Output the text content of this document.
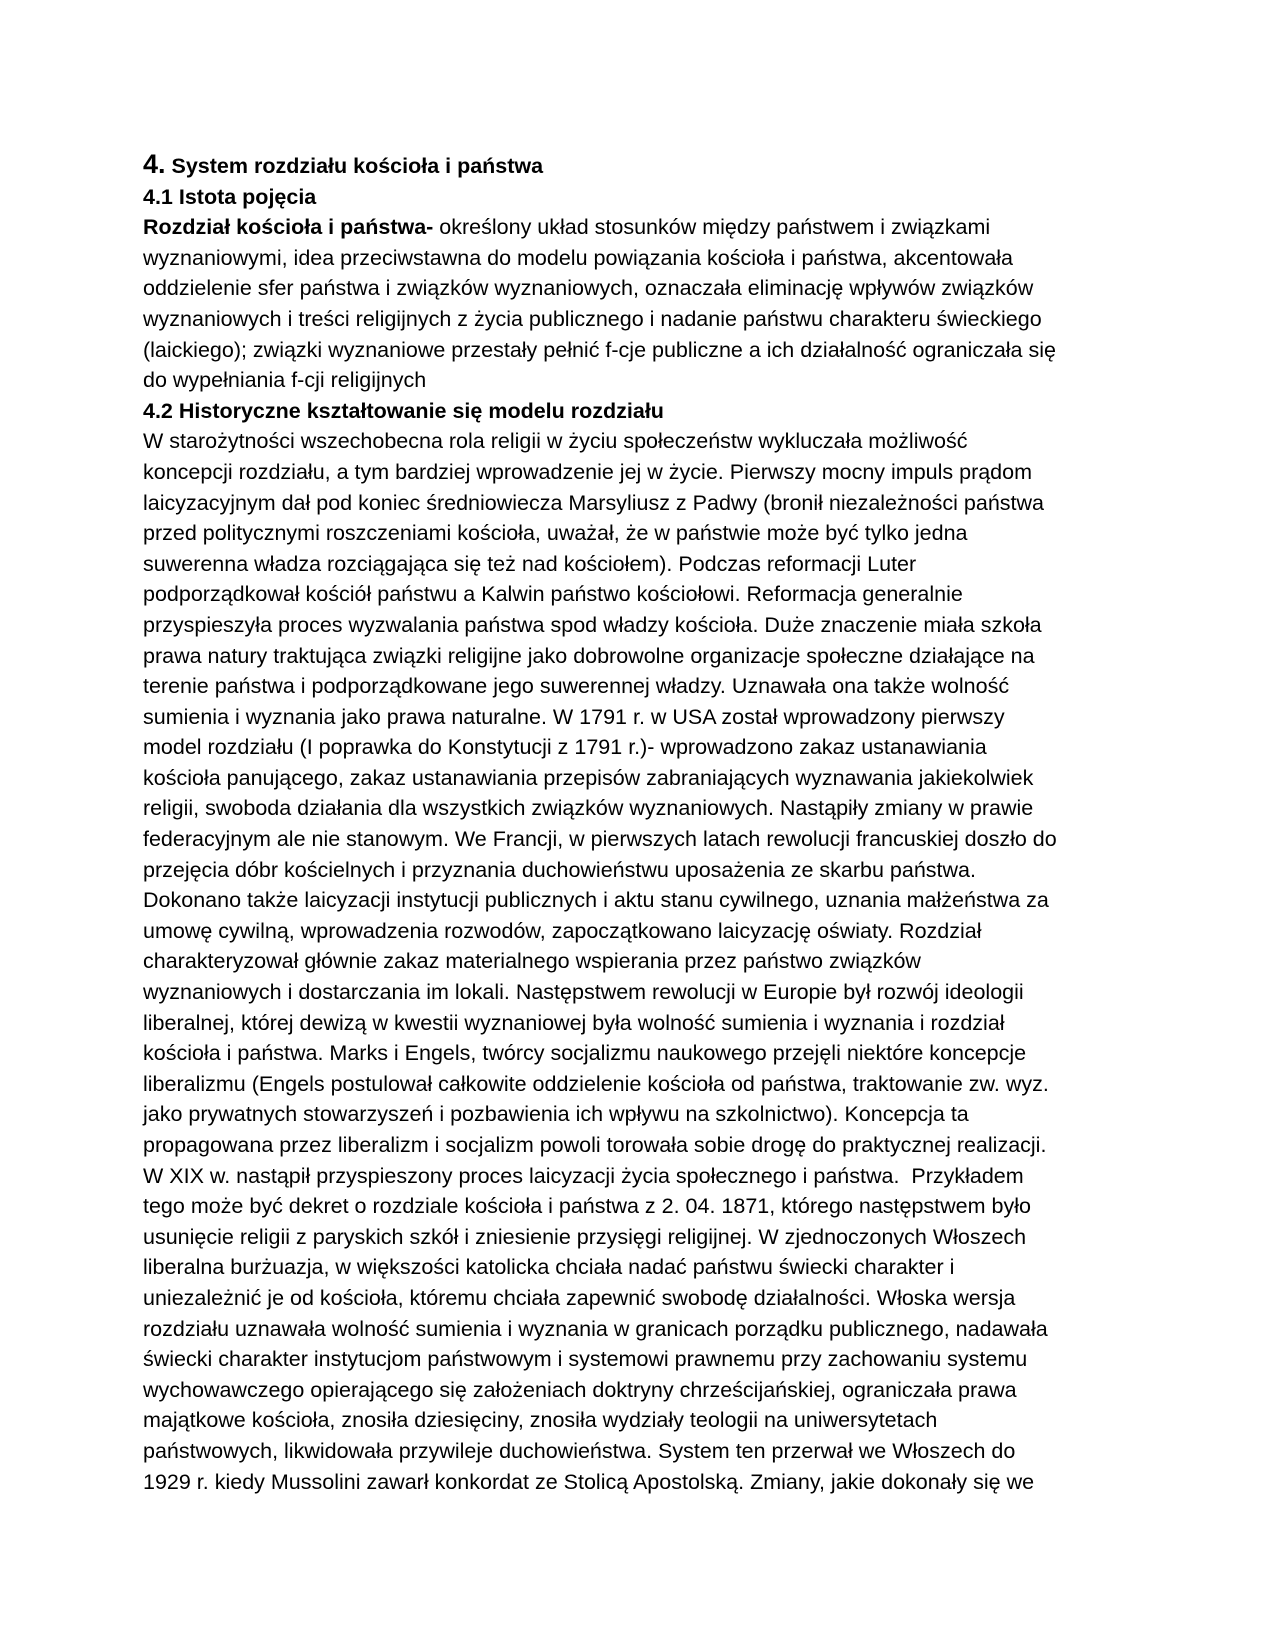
4. System rozdziału kościoła i państwa
4.1 Istota pojęcia
Rozdział kościoła i państwa- określony układ stosunków między państwem i związkami
wyznaniowymi, idea przeciwstawna do modelu powiązania kościoła i państwa, akcentowała
oddzielenie sfer państwa i związków wyznaniowych, oznaczała eliminację wpływów związków
wyznaniowych i treści religijnych z życia publicznego i nadanie państwu charakteru świeckiego
(laickiego); związki wyznaniowe przestały pełnić f-cje publiczne a ich działalność ograniczała się
do wypełniania f-cji religijnych
4.2 Historyczne kształtowanie się modelu rozdziału
W starożytności wszechobecna rola religii w życiu społeczeństw wykluczała możliwość
koncepcji rozdziału, a tym bardziej wprowadzenie jej w życie. Pierwszy mocny impuls prądom
laicyzacyjnym dał pod koniec średniowiecza Marsyliusz z Padwy (bronił niezależności państwa
przed politycznymi roszczeniami kościoła, uważał, że w państwie może być tylko jedna
suwerenna władza rozciągająca się też nad kościołem). Podczas reformacji Luter
podporządkował kościół państwu a Kalwin państwo kościołowi. Reformacja generalnie
przyspieszyła proces wyzwalania państwa spod władzy kościoła. Duże znaczenie miała szkoła
prawa natury traktująca związki religijne jako dobrowolne organizacje społeczne działające na
terenie państwa i podporządkowane jego suwerennej władzy. Uznawała ona także wolność
sumienia i wyznania jako prawa naturalne. W 1791 r. w USA został wprowadzony pierwszy
model rozdziału (I poprawka do Konstytucji z 1791 r.)- wprowadzono zakaz ustanawiania
kościoła panującego, zakaz ustanawiania przepisów zabraniających wyznawania jakiekolwiek
religii, swoboda działania dla wszystkich związków wyznaniowych. Nastąpiły zmiany w prawie
federacyjnym ale nie stanowym. We Francji, w pierwszych latach rewolucji francuskiej doszło do
przejęcia dóbr kościelnych i przyznania duchowieństwu uposażenia ze skarbu państwa.
Dokonano także laicyzacji instytucji publicznych i aktu stanu cywilnego, uznania małżeństwa za
umowę cywilną, wprowadzenia rozwodów, zapoczątkowano laicyzację oświaty. Rozdział
charakteryzował głównie zakaz materialnego wspierania przez państwo związków
wyznaniowych i dostarczania im lokali. Następstwem rewolucji w Europie był rozwój ideologii
liberalnej, której dewizą w kwestii wyznaniowej była wolność sumienia i wyznania i rozdział
kościoła i państwa. Marks i Engels, twórcy socjalizmu naukowego przejęli niektóre koncepcje
liberalizmu (Engels postulował całkowite oddzielenie kościoła od państwa, traktowanie zw. wyz.
jako prywatnych stowarzyszeń i pozbawienia ich wpływu na szkolnictwo). Koncepcja ta
propagowana przez liberalizm i socjalizm powoli torowała sobie drogę do praktycznej realizacji.
W XIX w. nastąpił przyspieszony proces laicyzacji życia społecznego i państwa.  Przykładem
tego może być dekret o rozdziale kościoła i państwa z 2. 04. 1871, którego następstwem było
usunięcie religii z paryskich szkół i zniesienie przysięgi religijnej. W zjednoczonych Włoszech
liberalna burżuazja, w większości katolicka chciała nadać państwu świecki charakter i
uniezależnić je od kościoła, któremu chciała zapewnić swobodę działalności. Włoska wersja
rozdziału uznawała wolność sumienia i wyznania w granicach porządku publicznego, nadawała
świecki charakter instytucjom państwowym i systemowi prawnemu przy zachowaniu systemu
wychowawczego opierającego się założeniach doktryny chrześcijańskiej, ograniczała prawa
majątkowe kościoła, znosiła dziesięciny, znosiła wydziały teologii na uniwersytetach
państwowych, likwidowała przywileje duchowieństwa. System ten przerwał we Włoszech do
1929 r. kiedy Mussolini zawarł konkordat ze Stolicą Apostolską. Zmiany, jakie dokonały się we
